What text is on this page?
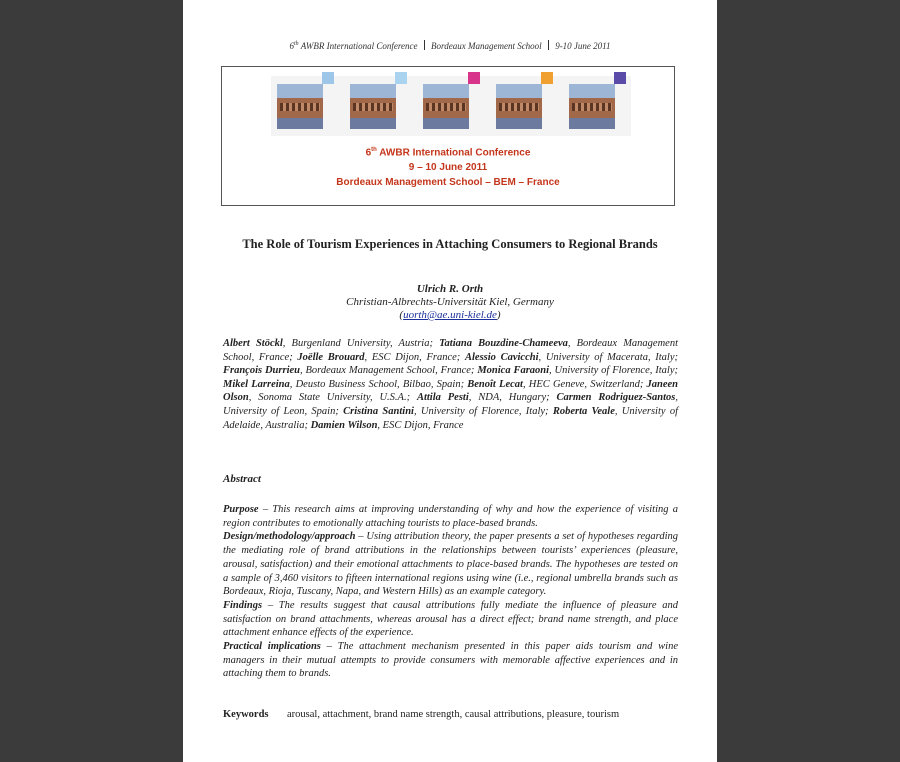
6th AWBR International Conference Bordeaux Management School 9-10 June 2011
6th AWBR International Conference
9 – 10 June 2011
Bordeaux Management School – BEM – France
The Role of Tourism Experiences in Attaching Consumers to Regional Brands
Ulrich R. Orth
Christian-Albrechts-Universität Kiel, Germany
(uorth@ae.uni-kiel.de)
Albert Stöckl, Burgenland University, Austria; Tatiana Bouzdine-Chameeva, Bordeaux Management School, France; Joëlle Brouard, ESC Dijon, France; Alessio Cavicchi, University of Macerata, Italy; François Durrieu, Bordeaux Management School, France; Monica Faraoni, University of Florence, Italy; Mikel Larreina, Deusto Business School, Bilbao, Spain; Benoît Lecat, HEC Geneve, Switzerland; Janeen Olson, Sonoma State University, U.S.A.; Attila Pesti, NDA, Hungary; Carmen Rodriguez-Santos, University of Leon, Spain; Cristina Santini, University of Florence, Italy; Roberta Veale, University of Adelaide, Australia; Damien Wilson, ESC Dijon, France
Abstract

Purpose – This research aims at improving understanding of why and how the experience of visiting a region contributes to emotionally attaching tourists to place-based brands.

Design/methodology/approach – Using attribution theory, the paper presents a set of hypotheses regarding the mediating role of brand attributions in the relationships between tourists’ experiences (pleasure, arousal, satisfaction) and their emotional attachments to place-based brands. The hypotheses are tested on a sample of 3,460 visitors to fifteen international regions using wine (i.e., regional umbrella brands such as Bordeaux, Rioja, Tuscany, Napa, and Western Hills) as an example category.

Findings – The results suggest that causal attributions fully mediate the influence of pleasure and satisfaction on brand attachments, whereas arousal has a direct effect; brand name strength, and place attachment enhance effects of the experience.

Practical implications – The attachment mechanism presented in this paper aids tourism and wine managers in their mutual attempts to provide consumers with memorable affective experiences and in attaching them to brands.

Keywords arousal, attachment, brand name strength, causal attributions, pleasure, tourism
